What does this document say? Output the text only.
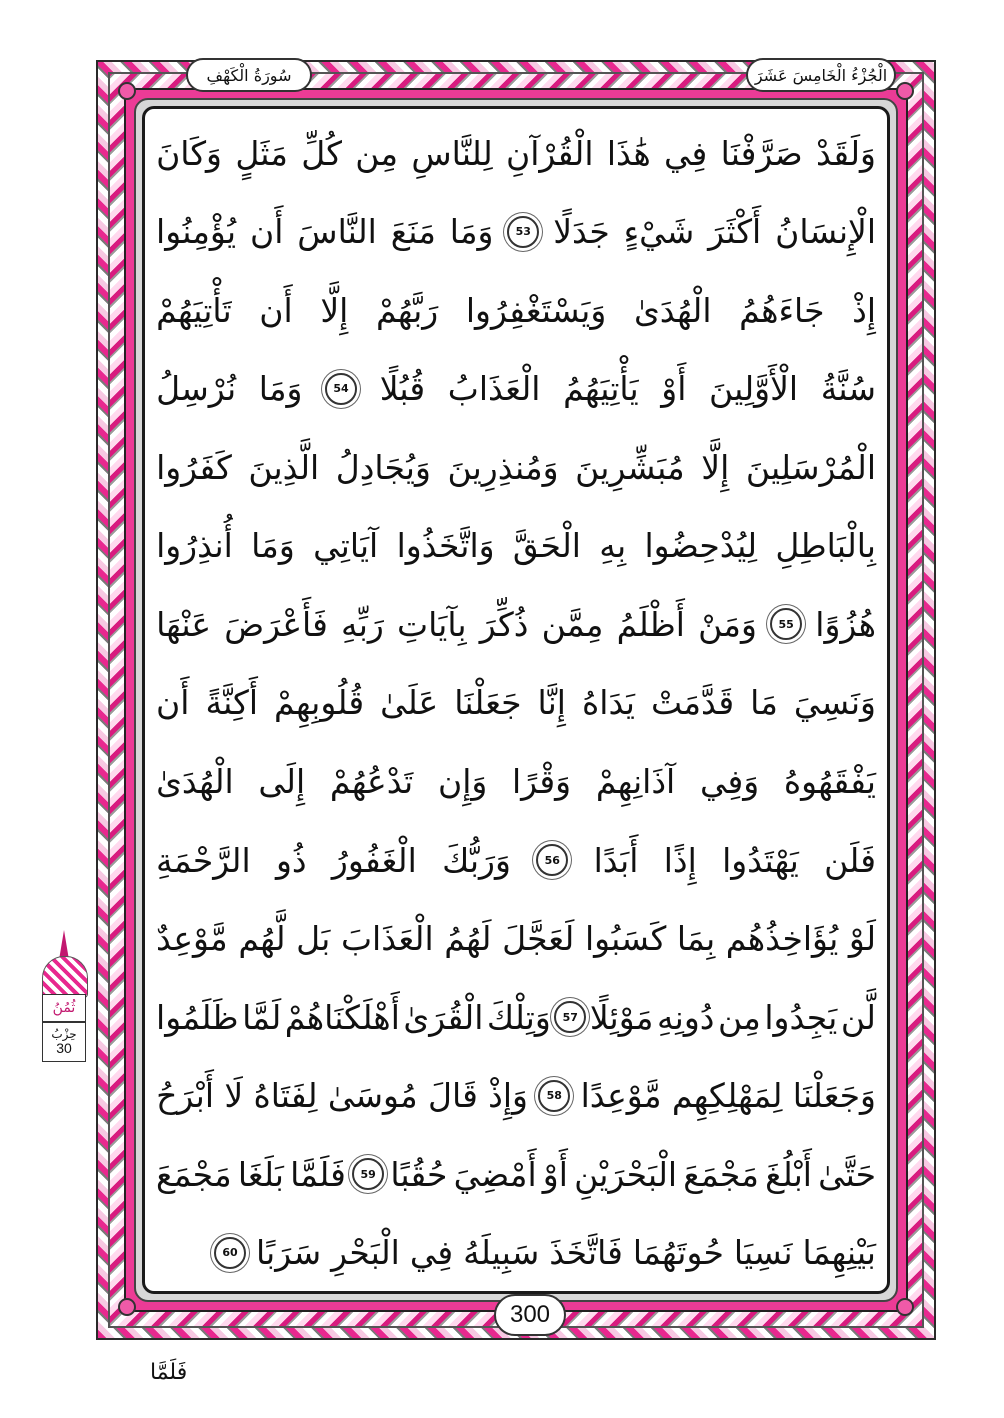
الْجُزْءُ الْخَامِسَ عَشَرَ
سُورَةُ الْكَهْفِ
وَلَقَدْ
صَرَّفْنَا
فِي
هَٰذَا
الْقُرْآنِ
لِلنَّاسِ
مِن
كُلِّ
مَثَلٍ
وَكَانَ
الْإِنسَانُ
أَكْثَرَ
شَيْءٍ
جَدَلًا
53
وَمَا
مَنَعَ
النَّاسَ
أَن
يُؤْمِنُوا
إِذْ
جَاءَهُمُ
الْهُدَىٰ
وَيَسْتَغْفِرُوا
رَبَّهُمْ
إِلَّا
أَن
تَأْتِيَهُمْ
سُنَّةُ
الْأَوَّلِينَ
أَوْ
يَأْتِيَهُمُ
الْعَذَابُ
قُبُلًا
54
وَمَا
نُرْسِلُ
الْمُرْسَلِينَ
إِلَّا
مُبَشِّرِينَ
وَمُنذِرِينَ
وَيُجَادِلُ
الَّذِينَ
كَفَرُوا
بِالْبَاطِلِ
لِيُدْحِضُوا
بِهِ
الْحَقَّ
وَاتَّخَذُوا
آيَاتِي
وَمَا
أُنذِرُوا
هُزُوًا
55
وَمَنْ
أَظْلَمُ
مِمَّن
ذُكِّرَ
بِآيَاتِ
رَبِّهِ
فَأَعْرَضَ
عَنْهَا
وَنَسِيَ
مَا
قَدَّمَتْ
يَدَاهُ
إِنَّا
جَعَلْنَا
عَلَىٰ
قُلُوبِهِمْ
أَكِنَّةً
أَن
يَفْقَهُوهُ
وَفِي
آذَانِهِمْ
وَقْرًا
وَإِن
تَدْعُهُمْ
إِلَى
الْهُدَىٰ
فَلَن
يَهْتَدُوا
إِذًا
أَبَدًا
56
وَرَبُّكَ
الْغَفُورُ
ذُو
الرَّحْمَةِ
لَوْ
يُؤَاخِذُهُم
بِمَا
كَسَبُوا
لَعَجَّلَ
لَهُمُ
الْعَذَابَ
بَل
لَّهُم
مَّوْعِدٌ
لَّن
يَجِدُوا
مِن
دُونِهِ
مَوْئِلًا
57
وَتِلْكَ
الْقُرَىٰ
أَهْلَكْنَاهُمْ
لَمَّا
ظَلَمُوا
وَجَعَلْنَا
لِمَهْلِكِهِم
مَّوْعِدًا
58
وَإِذْ
قَالَ
مُوسَىٰ
لِفَتَاهُ
لَا
أَبْرَحُ
حَتَّىٰ
أَبْلُغَ
مَجْمَعَ
الْبَحْرَيْنِ
أَوْ
أَمْضِيَ
حُقُبًا
59
فَلَمَّا
بَلَغَا
مَجْمَعَ
بَيْنِهِمَا
نَسِيَا
حُوتَهُمَا
فَاتَّخَذَ
سَبِيلَهُ
فِي
الْبَحْرِ
سَرَبًا
60
300
ثُمُنُ
حِزْبُ
30
فَلَمَّا
